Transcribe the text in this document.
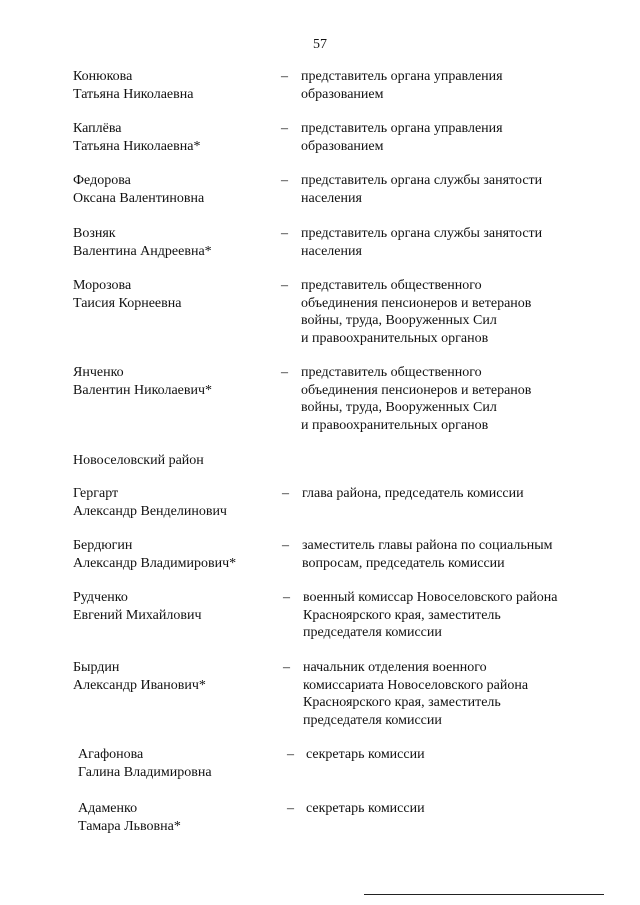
57
Конюкова
Татьяна Николаевна
– представитель органа управления
образованием
Каплёва
Татьяна Николаевна*
– представитель органа управления
образованием
Федорова
Оксана Валентиновна
– представитель органа службы занятости
населения
Возняк
Валентина Андреевна*
– представитель органа службы занятости
населения
Морозова
Таисия Корнеевна
– представитель общественного
объединения пенсионеров и ветеранов
войны, труда, Вооруженных Сил
и правоохранительных органов
Янченко
Валентин Николаевич*
– представитель общественного
объединения пенсионеров и ветеранов
войны, труда, Вооруженных Сил
и правоохранительных органов
Новоселовский район
Гергарт
Александр Венделинович
– глава района, председатель комиссии
Бердюгин
Александр Владимирович*
– заместитель главы района по социальным
вопросам, председатель комиссии
Рудченко
Евгений Михайлович
– военный комиссар Новоселовского района
Красноярского края, заместитель
председателя комиссии
Бырдин
Александр Иванович*
– начальник отделения военного
комиссариата Новоселовского района
Красноярского края, заместитель
председателя комиссии
Агафонова
Галина Владимировна
– секретарь комиссии
Адаменко
Тамара Львовна*
– секретарь комиссии
